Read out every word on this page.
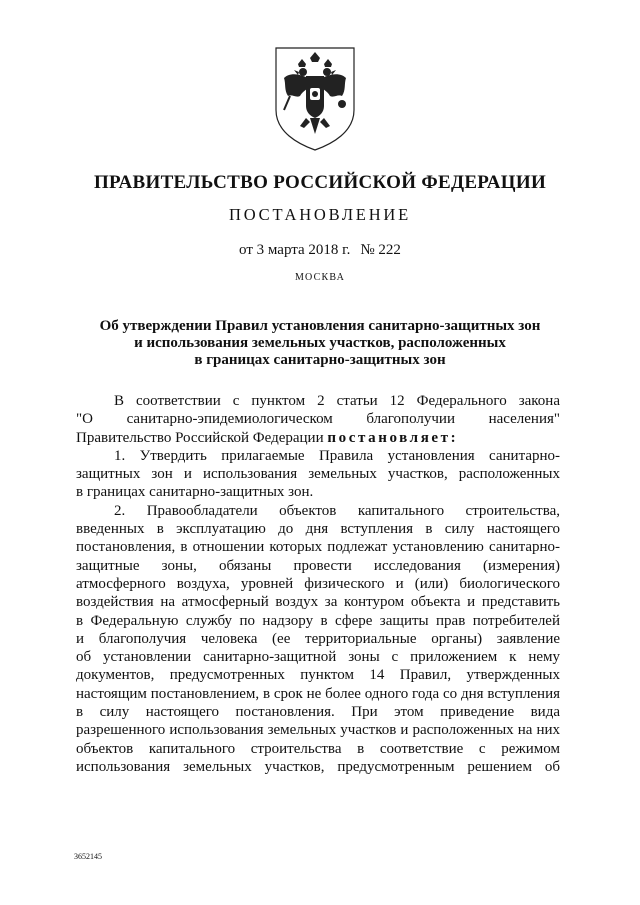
ПРАВИТЕЛЬСТВО РОССИЙСКОЙ ФЕДЕРАЦИИ
ПОСТАНОВЛЕНИЕ
от 3 марта 2018 г. № 222
МОСКВА
Об утверждении Правил установления санитарно-защитных зон
и использования земельных участков, расположенных
в границах санитарно-защитных зон
В соответствии с пунктом 2 статьи 12 Федерального закона
"О санитарно-эпидемиологическом благополучии населения"
Правительство Российской Федерации постановляет:
1. Утвердить прилагаемые Правила установления санитарно-
защитных зон и использования земельных участков, расположенных
в границах санитарно-защитных зон.
2. Правообладатели объектов капитального строительства,
введенных в эксплуатацию до дня вступления в силу настоящего
постановления, в отношении которых подлежат установлению санитарно-
защитные зоны, обязаны провести исследования (измерения)
атмосферного воздуха, уровней физического и (или) биологического
воздействия на атмосферный воздух за контуром объекта и представить
в Федеральную службу по надзору в сфере защиты прав потребителей
и благополучия человека (ее территориальные органы) заявление
об установлении санитарно-защитной зоны с приложением к нему
документов, предусмотренных пунктом 14 Правил, утвержденных
настоящим постановлением, в срок не более одного года со дня вступления
в силу настоящего постановления. При этом приведение вида
разрешенного использования земельных участков и расположенных на них
объектов капитального строительства в соответствие с режимом
использования земельных участков, предусмотренным решением об
3652145
